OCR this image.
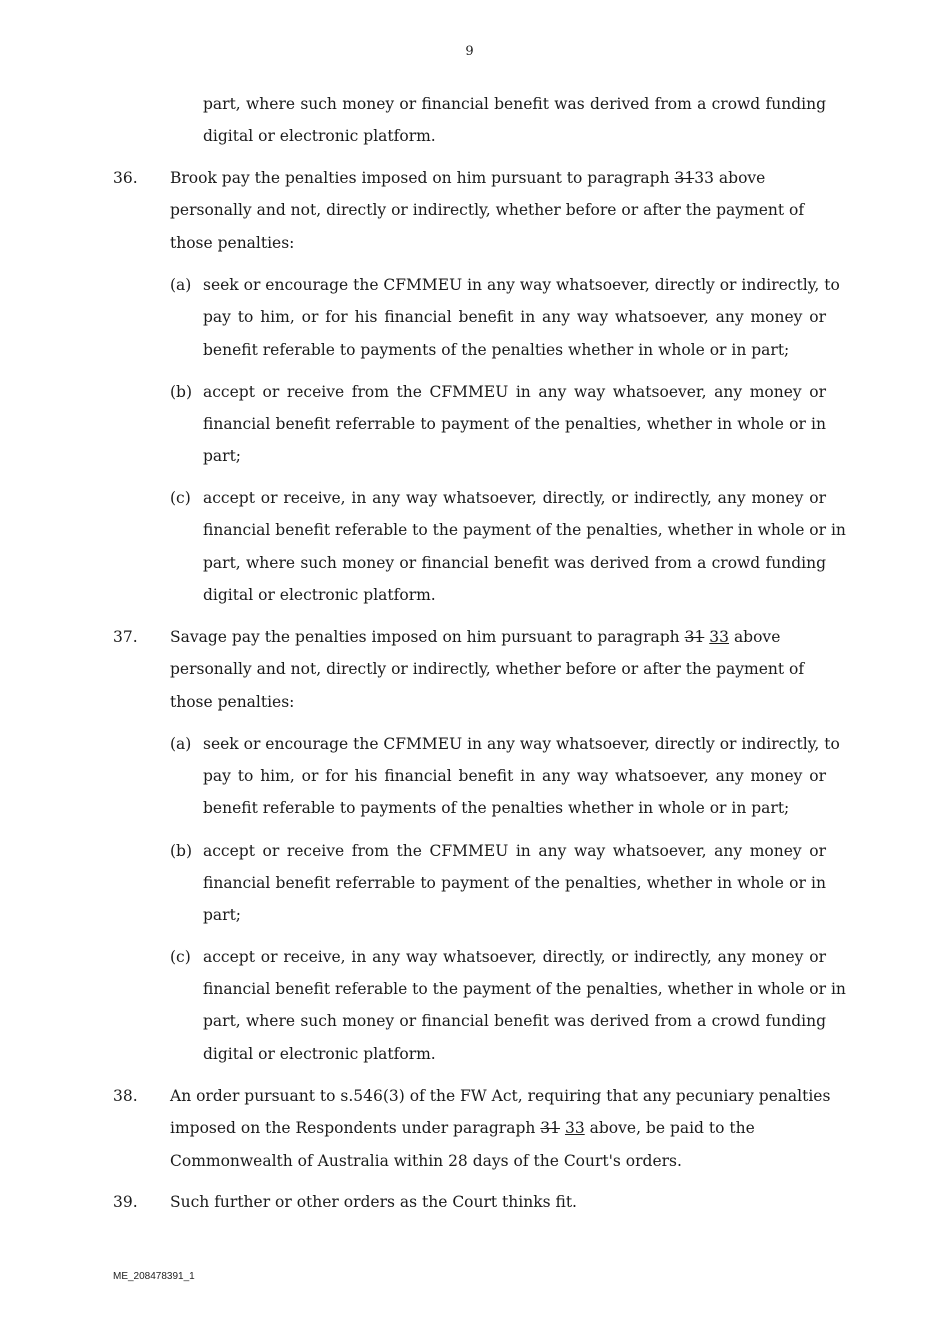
9
part, where such money or financial benefit was derived from a crowd funding
digital or electronic platform.
36. Brook pay the penalties imposed on him pursuant to paragraph 3133 above
personally and not, directly or indirectly, whether before or after the payment of
those penalties:
(a) seek or encourage the CFMMEU in any way whatsoever, directly or indirectly, to
pay to him, or for his financial benefit in any way whatsoever, any money or
benefit referable to payments of the penalties whether in whole or in part;
(b) accept or receive from the CFMMEU in any way whatsoever, any money or
financial benefit referrable to payment of the penalties, whether in whole or in
part;
(c) accept or receive, in any way whatsoever, directly, or indirectly, any money or
financial benefit referable to the payment of the penalties, whether in whole or in
part, where such money or financial benefit was derived from a crowd funding
digital or electronic platform.
37. Savage pay the penalties imposed on him pursuant to paragraph 31 33 above
personally and not, directly or indirectly, whether before or after the payment of
those penalties:
(a) seek or encourage the CFMMEU in any way whatsoever, directly or indirectly, to
pay to him, or for his financial benefit in any way whatsoever, any money or
benefit referable to payments of the penalties whether in whole or in part;
(b) accept or receive from the CFMMEU in any way whatsoever, any money or
financial benefit referrable to payment of the penalties, whether in whole or in
part;
(c) accept or receive, in any way whatsoever, directly, or indirectly, any money or
financial benefit referable to the payment of the penalties, whether in whole or in
part, where such money or financial benefit was derived from a crowd funding
digital or electronic platform.
38. An order pursuant to s.546(3) of the FW Act, requiring that any pecuniary penalties
imposed on the Respondents under paragraph 31 33 above, be paid to the
Commonwealth of Australia within 28 days of the Court's orders.
39. Such further or other orders as the Court thinks fit.
ME_208478391_1
